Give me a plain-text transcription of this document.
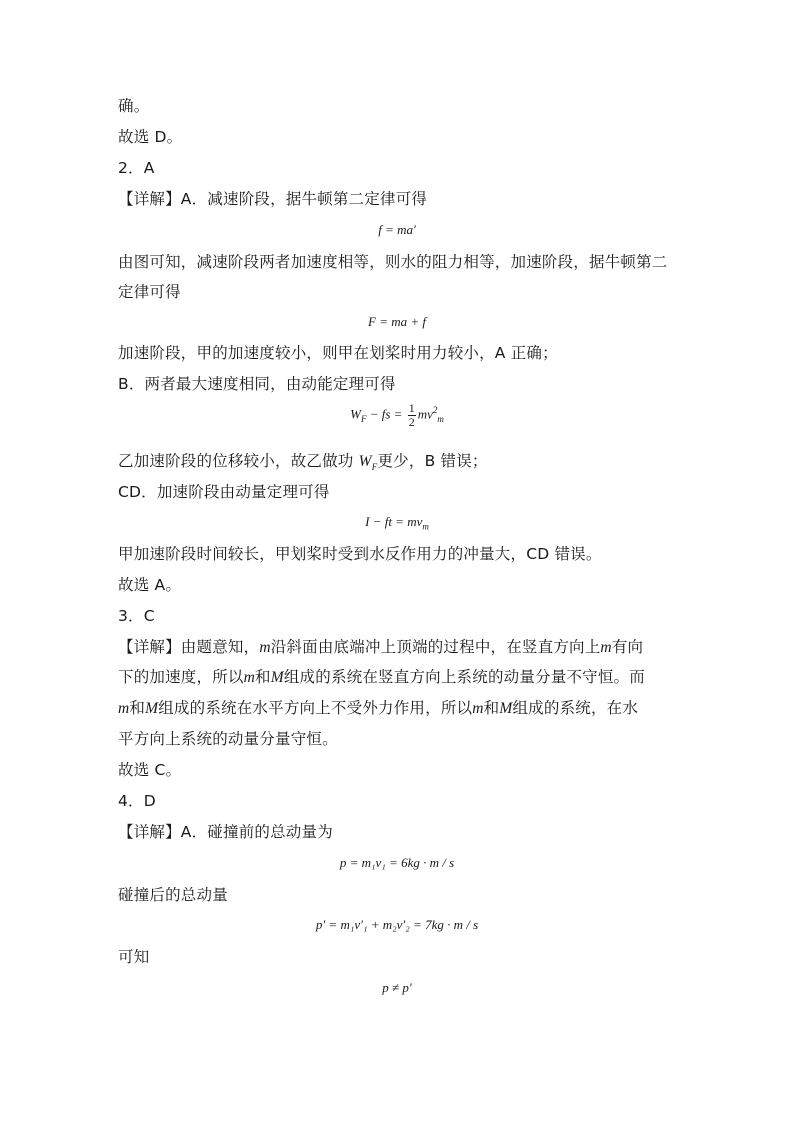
确。
故选 D。
2．A
【详解】A．减速阶段，据牛顿第二定律可得
f = ma′
由图可知，减速阶段两者加速度相等，则水的阻力相等，加速阶段，据牛顿第二
定律可得
F = ma + f
加速阶段，甲的加速度较小，则甲在划桨时用力较小，A 正确；
B．两者最大速度相同，由动能定理可得
$W_F$ − fs = $\frac{1}{2} mv^2_m$
乙加速阶段的位移较小，故乙做功 $W_F$更少，B 错误；
CD．加速阶段由动量定理可得
I − ft = $mv_m$
甲加速阶段时间较长，甲划桨时受到水反作用力的冲量大，CD 错误。
故选 A。
3．C
【详解】由题意知，m沿斜面由底端冲上顶端的过程中，在竖直方向上m有向
下的加速度，所以m和M组成的系统在竖直方向上系统的动量分量不守恒。而
m和M组成的系统在水平方向上不受外力作用，所以m和M组成的系统，在水
平方向上系统的动量分量守恒。
故选 C。
4．D
【详解】A．碰撞前的总动量为
p = m₁v₁ = 6kg · m / s
碰撞后的总动量
p′ = m₁v′₁ + m₂v′₂ = 7kg · m / s
可知
p ≠ p′
